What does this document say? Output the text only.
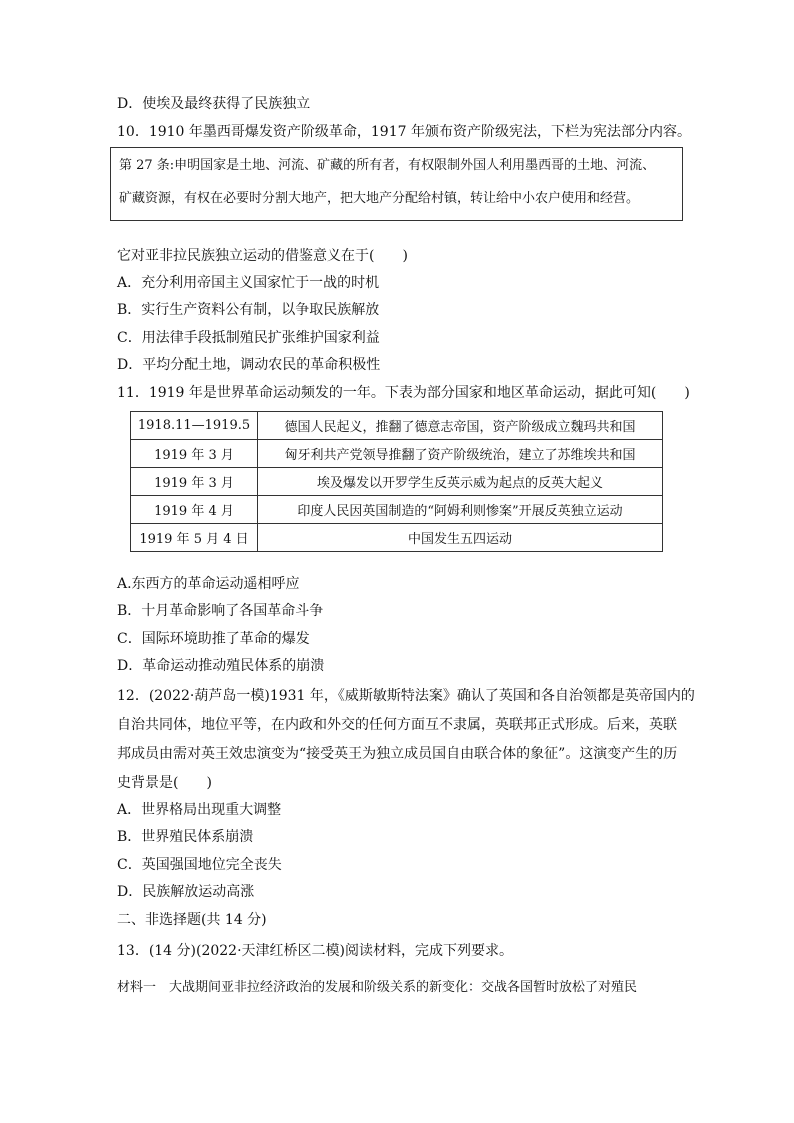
D．使埃及最终获得了民族独立
10．1910 年墨西哥爆发资产阶级革命，1917 年颁布资产阶级宪法，下栏为宪法部分内容。
第 27 条:申明国家是土地、河流、矿藏的所有者，有权限制外国人利用墨西哥的土地、河流、
矿藏资源，有权在必要时分割大地产，把大地产分配给村镇，转让给中小农户使用和经营。
它对亚非拉民族独立运动的借鉴意义在于(　　)
A．充分利用帝国主义国家忙于一战的时机
B．实行生产资料公有制，以争取民族解放
C．用法律手段抵制殖民扩张维护国家利益
D．平均分配土地，调动农民的革命积极性
11．1919 年是世界革命运动频发的一年。下表为部分国家和地区革命运动，据此可知(　　)
1918.11—1919.5	德国人民起义，推翻了德意志帝国，资产阶级成立魏玛共和国
1919 年 3 月	匈牙利共产党领导推翻了资产阶级统治，建立了苏维埃共和国
1919 年 3 月	埃及爆发以开罗学生反英示威为起点的反英大起义
1919 年 4 月	印度人民因英国制造的“阿姆利则惨案”开展反英独立运动
1919 年 5 月 4 日	中国发生五四运动
A.东西方的革命运动遥相呼应
B．十月革命影响了各国革命斗争
C．国际环境助推了革命的爆发
D．革命运动推动殖民体系的崩溃
12．(2022·葫芦岛一模)1931 年，《威斯敏斯特法案》确认了英国和各自治领都是英帝国内的
自治共同体，地位平等，在内政和外交的任何方面互不隶属，英联邦正式形成。后来，英联
邦成员由需对英王效忠演变为“接受英王为独立成员国自由联合体的象征”。这演变产生的历
史背景是(　　)
A．世界格局出现重大调整
B．世界殖民体系崩溃
C．英国强国地位完全丧失
D．民族解放运动高涨
二、非选择题(共 14 分)
13．(14 分)(2022·天津红桥区二模)阅读材料，完成下列要求。
材料一　大战期间亚非拉经济政治的发展和阶级关系的新变化：交战各国暂时放松了对殖民
